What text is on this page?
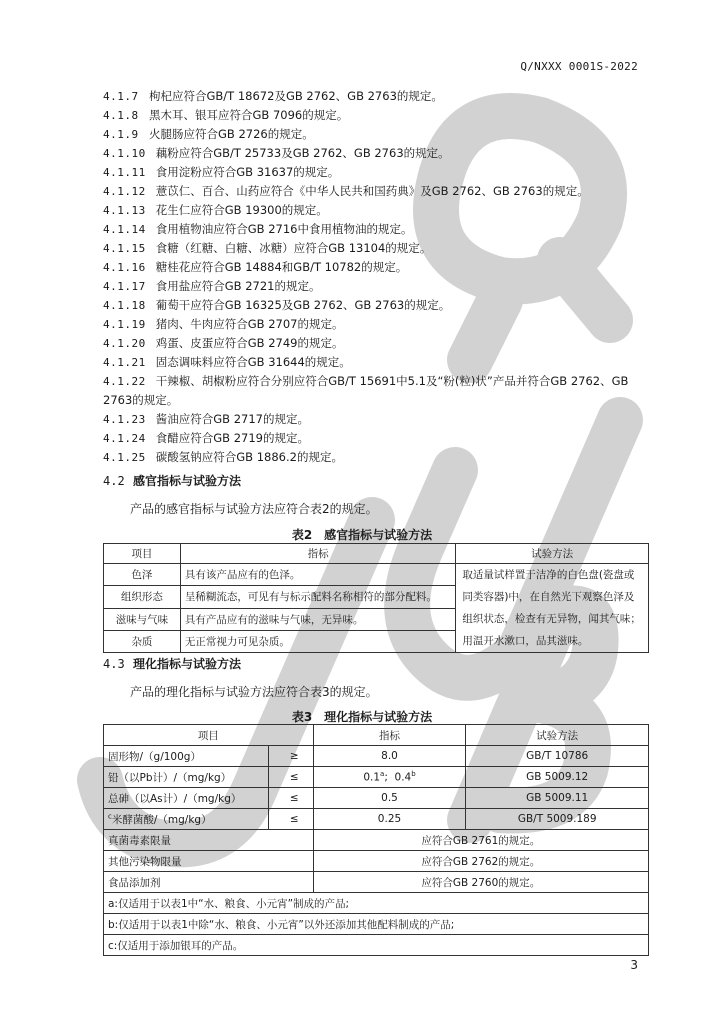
Q/NXXX 0001S-2022
4.1.7 枸杞应符合GB/T 18672及GB 2762、GB 2763的规定。
4.1.8 黑木耳、银耳应符合GB 7096的规定。
4.1.9 火腿肠应符合GB 2726的规定。
4.1.10 藕粉应符合GB/T 25733及GB 2762、GB 2763的规定。
4.1.11 食用淀粉应符合GB 31637的规定。
4.1.12 薏苡仁、百合、山药应符合《中华人民共和国药典》及GB 2762、GB 2763的规定。
4.1.13 花生仁应符合GB 19300的规定。
4.1.14 食用植物油应符合GB 2716中食用植物油的规定。
4.1.15 食糖（红糖、白糖、冰糖）应符合GB 13104的规定。
4.1.16 糖桂花应符合GB 14884和GB/T 10782的规定。
4.1.17 食用盐应符合GB 2721的规定。
4.1.18 葡萄干应符合GB 16325及GB 2762、GB 2763的规定。
4.1.19 猪肉、牛肉应符合GB 2707的规定。
4.1.20 鸡蛋、皮蛋应符合GB 2749的规定。
4.1.21 固态调味料应符合GB 31644的规定。
4.1.22 干辣椒、胡椒粉应符合分别应符合GB/T 15691中5.1及“粉(粒)状”产品并符合GB 2762、GB 2763的规定。
4.1.23 酱油应符合GB 2717的规定。
4.1.24 食醋应符合GB 2719的规定。
4.1.25 碳酸氢钠应符合GB 1886.2的规定。
4.2 感官指标与试验方法
产品的感官指标与试验方法应符合表2的规定。
表2　感官指标与试验方法
项目	指标	试验方法
色泽	具有该产品应有的色泽。	取适量试样置于洁净的白色盘(瓷盘或同类容器)中，在自然光下观察色泽及组织状态，检查有无异物，闻其气味；用温开水漱口，品其滋味。
组织形态	呈稀糊流态，可见有与标示配料名称相符的部分配料。	
滋味与气味	具有产品应有的滋味与气味，无异味。	
杂质	无正常视力可见杂质。	
4.3 理化指标与试验方法
产品的理化指标与试验方法应符合表3的规定。
表3　理化指标与试验方法
项目		指标	试验方法
固形物/（g/100g）	≥	8.0	GB/T 10786
铅（以Pb计）/（mg/kg）	≤	0.1$^a$;  0.4$^b$	GB 5009.12
总砷（以As计）/（mg/kg）	≤	0.5	GB 5009.11
$^c$米酵菌酸/（mg/kg）	≤	0.25	GB/T 5009.189
真菌毒素限量		应符合GB 2761的规定。	
其他污染物限量		应符合GB 2762的规定。	
食品添加剂		应符合GB 2760的规定。	
a:仅适用于以表1中“水、粮食、小元宵”制成的产品;			
b:仅适用于以表1中除“水、粮食、小元宵”以外还添加其他配料制成的产品;			
c:仅适用于添加银耳的产品。			
3
